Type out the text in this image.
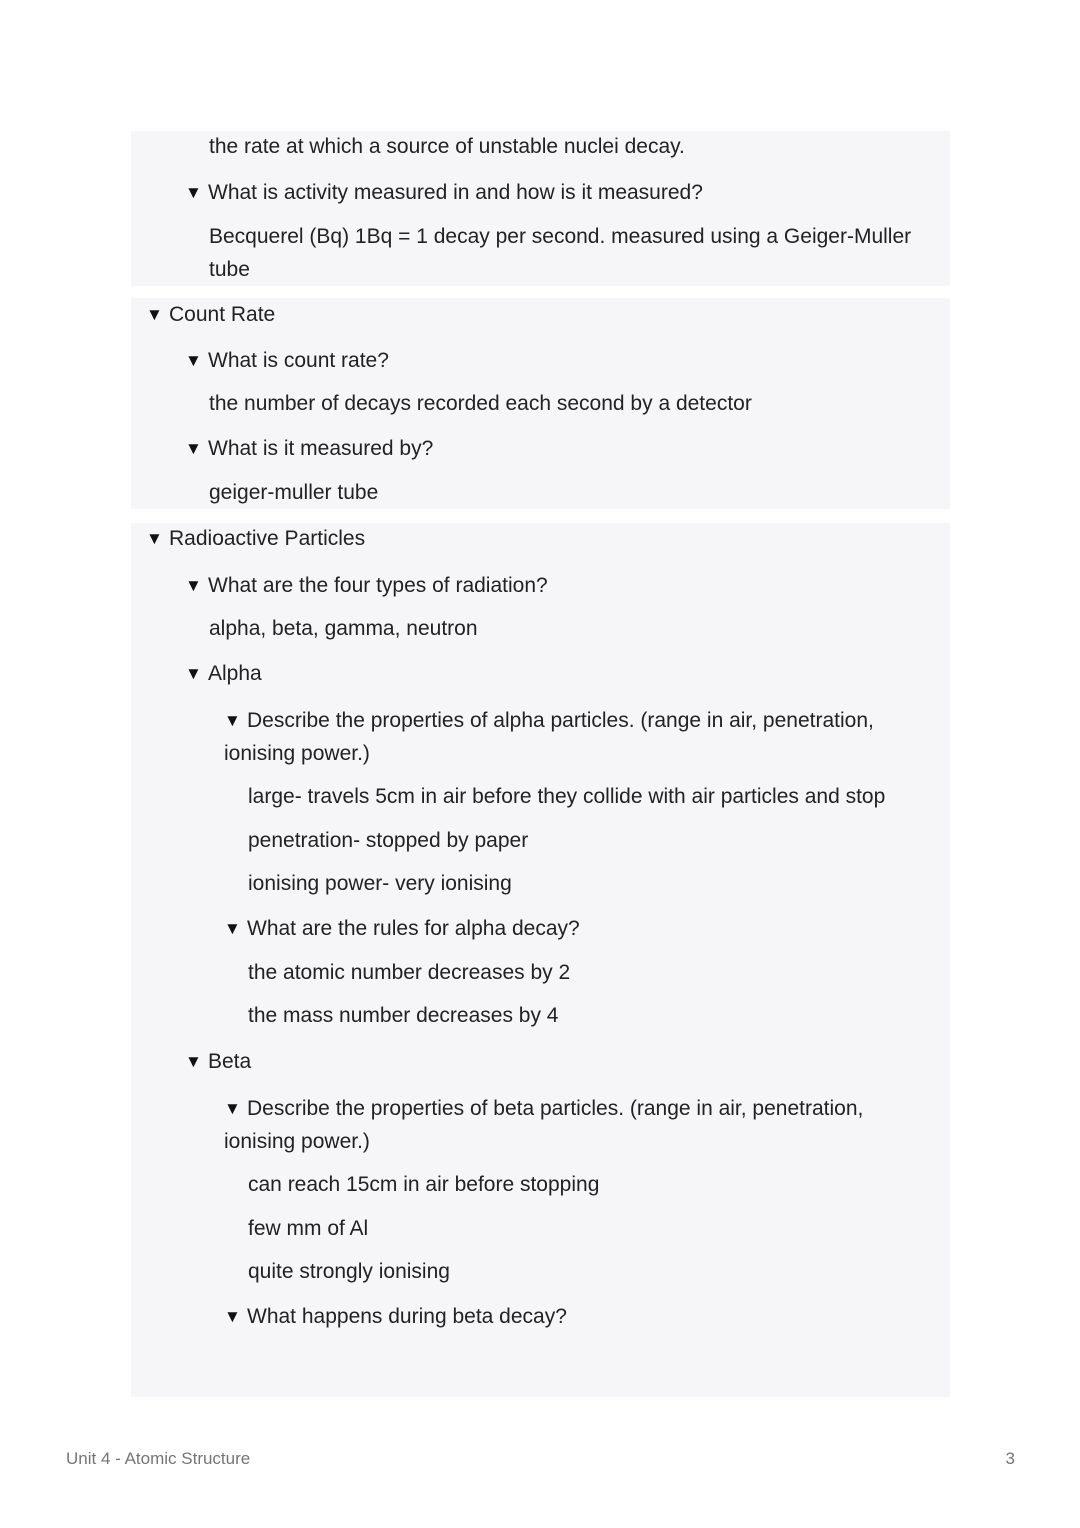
the rate at which a source of unstable nuclei decay.
▼ What is activity measured in and how is it measured?
Becquerel (Bq) 1Bq = 1 decay per second. measured using a Geiger-Muller tube
▼ Count Rate
▼ What is count rate?
the number of decays recorded each second by a detector
▼ What is it measured by?
geiger-muller tube
▼ Radioactive Particles
▼ What are the four types of radiation?
alpha, beta, gamma, neutron
▼ Alpha
▼ Describe the properties of alpha particles. (range in air, penetration, ionising power.)
large- travels 5cm in air before they collide with air particles and stop
penetration- stopped by paper
ionising power- very ionising
▼ What are the rules for alpha decay?
the atomic number decreases by 2
the mass number decreases by 4
▼ Beta
▼ Describe the properties of beta particles. (range in air, penetration, ionising power.)
can reach 15cm in air before stopping
few mm of Al
quite strongly ionising
▼ What happens during beta decay?
Unit 4 - Atomic Structure	3
